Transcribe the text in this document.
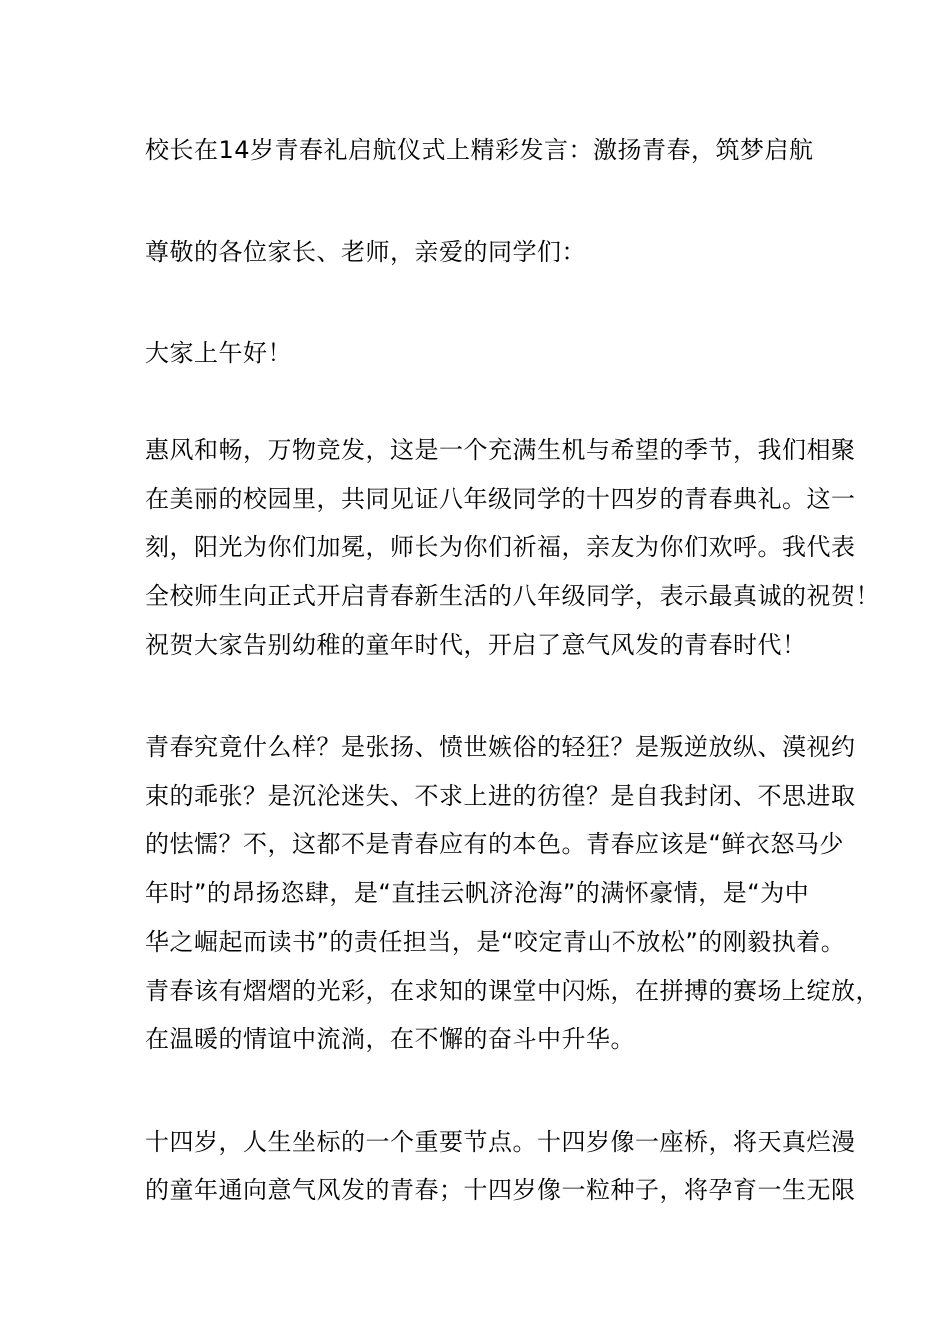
校长在14岁青春礼启航仪式上精彩发言：激扬青春，筑梦启航
尊敬的各位家长、老师，亲爱的同学们：
大家上午好！
惠风和畅，万物竞发，这是一个充满生机与希望的季节，我们相聚
在美丽的校园里，共同见证八年级同学的十四岁的青春典礼。这一
刻，阳光为你们加冕，师长为你们祈福，亲友为你们欢呼。我代表
全校师生向正式开启青春新生活的八年级同学，表示最真诚的祝贺！
祝贺大家告别幼稚的童年时代，开启了意气风发的青春时代！
青春究竟什么样？是张扬、愤世嫉俗的轻狂？是叛逆放纵、漠视约
束的乖张？是沉沦迷失、不求上进的彷徨？是自我封闭、不思进取
的怯懦？不，这都不是青春应有的本色。青春应该是“鲜衣怒马少
年时”的昂扬恣肆，是“直挂云帆济沧海”的满怀豪情，是“为中
华之崛起而读书”的责任担当，是“咬定青山不放松”的刚毅执着。
青春该有熠熠的光彩，在求知的课堂中闪烁，在拼搏的赛场上绽放，
在温暖的情谊中流淌，在不懈的奋斗中升华。
十四岁，人生坐标的一个重要节点。十四岁像一座桥，将天真烂漫
的童年通向意气风发的青春；十四岁像一粒种子，将孕育一生无限
